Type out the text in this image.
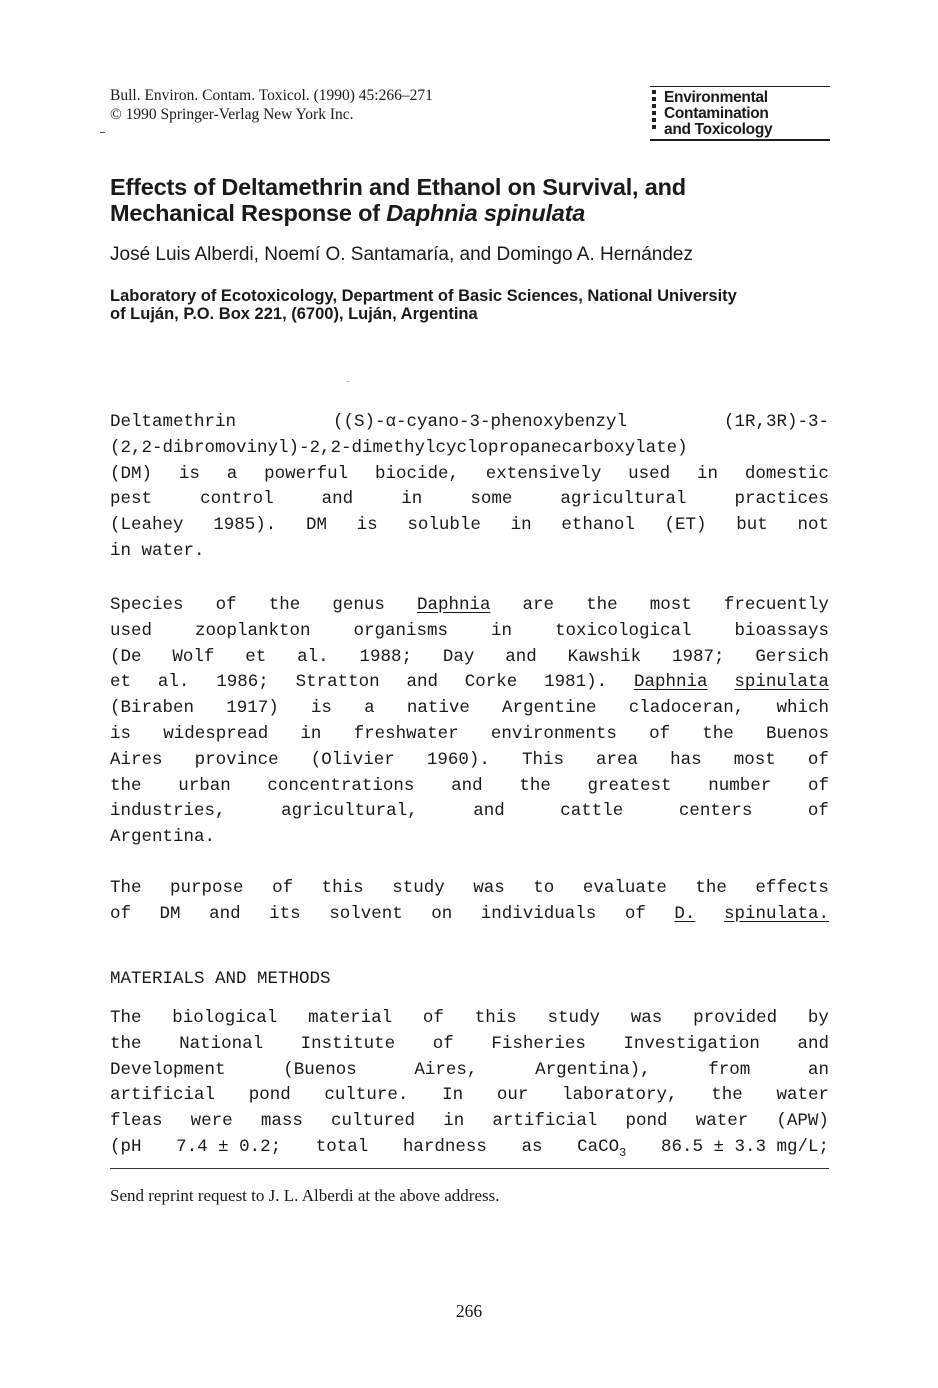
Bull. Environ. Contam. Toxicol. (1990) 45:266–271
© 1990 Springer-Verlag New York Inc.
Environmental
Contamination
and Toxicology
Effects of Deltamethrin and Ethanol on Survival, and
Mechanical Response of Daphnia spinulata
José Luis Alberdi, Noemí O. Santamaría, and Domingo A. Hernández
Laboratory of Ecotoxicology, Department of Basic Sciences, National University
of Luján, P.O. Box 221, (6700), Luján, Argentina
Deltamethrin	((S)-α-cyano-3-phenoxybenzyl	(1R,3R)-3-
(2,2-dibromovinyl)-2,2-dimethylcyclopropanecarboxylate)
(DM) is a powerful biocide, extensively used in domestic
pest	control	and	in	some	agricultural	practices
(Leahey 1985). DM is soluble in ethanol (ET) but not
in water.
Species of the genus Daphnia are the most frecuently
used zooplankton organisms in toxicological bioassays
(De Wolf et al. 1988; Day and Kawshik 1987; Gersich
et al. 1986; Stratton and Corke 1981). Daphnia spinulata
(Biraben 1917) is a native Argentine cladoceran, which
is widespread in freshwater environments of the Buenos
Aires province (Olivier 1960). This area has most of
the urban concentrations and the greatest number of
industries,	agricultural,	and	cattle	centers	of
Argentina.
The purpose of this study was to evaluate the effects
of DM and its solvent on individuals of D. spinulata.
MATERIALS AND METHODS
The biological material of this study was provided by
the National Institute of Fisheries Investigation and
Development	(Buenos	Aires,	Argentina),	from	an
artificial pond culture. In our laboratory, the water
fleas were mass cultured in artificial pond water (APW)
(pH 7.4 ± 0.2; total hardness as CaCO$_3$ 86.5 ± 3.3 mg/L;
Send reprint request to J. L. Alberdi at the above address.
266
